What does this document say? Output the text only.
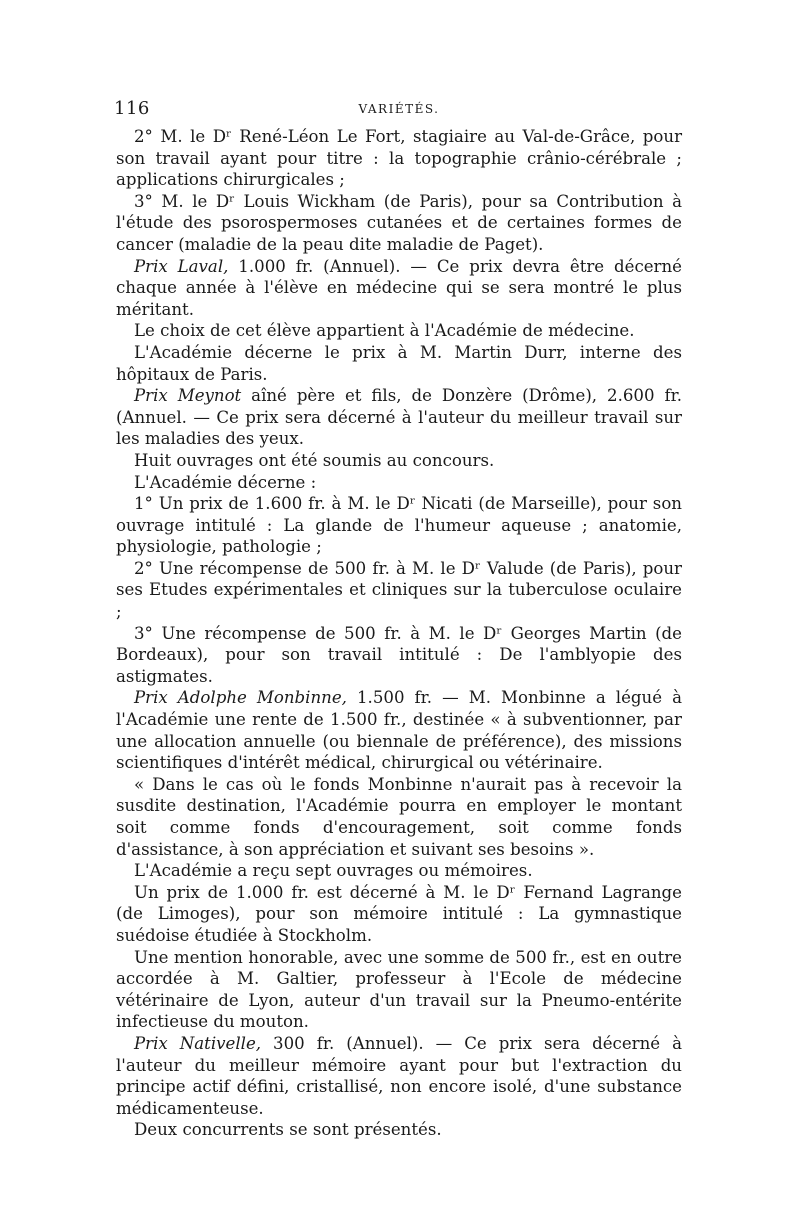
116	VARIÉTÉS.

2° M. le Dʳ René-Léon Le Fort, stagiaire au Val-de-Grâce, pour son travail ayant pour titre : la topographie crânio-cérébrale ; applications chirurgicales ;

3° M. le Dʳ Louis Wickham (de Paris), pour sa Contribution à l'étude des psorospermoses cutanées et de certaines formes de cancer (maladie de la peau dite maladie de Paget).

Prix Laval, 1.000 fr. (Annuel). — Ce prix devra être décerné chaque année à l'élève en médecine qui se sera montré le plus méritant.

Le choix de cet élève appartient à l'Académie de médecine.

L'Académie décerne le prix à M. Martin Durr, interne des hôpitaux de Paris.

Prix Meynot aîné père et fils, de Donzère (Drôme), 2.600 fr. (Annuel. — Ce prix sera décerné à l'auteur du meilleur travail sur les maladies des yeux.

Huit ouvrages ont été soumis au concours.

L'Académie décerne :

1° Un prix de 1.600 fr. à M. le Dʳ Nicati (de Marseille), pour son ouvrage intitulé : La glande de l'humeur aqueuse ; anatomie, physiologie, pathologie ;

2° Une récompense de 500 fr. à M. le Dʳ Valude (de Paris), pour ses Etudes expérimentales et cliniques sur la tuberculose oculaire ;

3° Une récompense de 500 fr. à M. le Dʳ Georges Martin (de Bordeaux), pour son travail intitulé : De l'amblyopie des astigmates.

Prix Adolphe Monbinne, 1.500 fr. — M. Monbinne a légué à l'Académie une rente de 1.500 fr., destinée « à subventionner, par une allocation annuelle (ou biennale de préférence), des missions scientifiques d'intérêt médical, chirurgical ou vétérinaire.

« Dans le cas où le fonds Monbinne n'aurait pas à recevoir la susdite destination, l'Académie pourra en employer le montant soit comme fonds d'encouragement, soit comme fonds d'assistance, à son appréciation et suivant ses besoins ».

L'Académie a reçu sept ouvrages ou mémoires.

Un prix de 1.000 fr. est décerné à M. le Dʳ Fernand Lagrange (de Limoges), pour son mémoire intitulé : La gymnastique suédoise étudiée à Stockholm.

Une mention honorable, avec une somme de 500 fr., est en outre accordée à M. Galtier, professeur à l'Ecole de médecine vétérinaire de Lyon, auteur d'un travail sur la Pneumo-entérite infectieuse du mouton.

Prix Nativelle, 300 fr. (Annuel). — Ce prix sera décerné à l'auteur du meilleur mémoire ayant pour but l'extraction du principe actif défini, cristallisé, non encore isolé, d'une substance médicamenteuse.

Deux concurrents se sont présentés.
